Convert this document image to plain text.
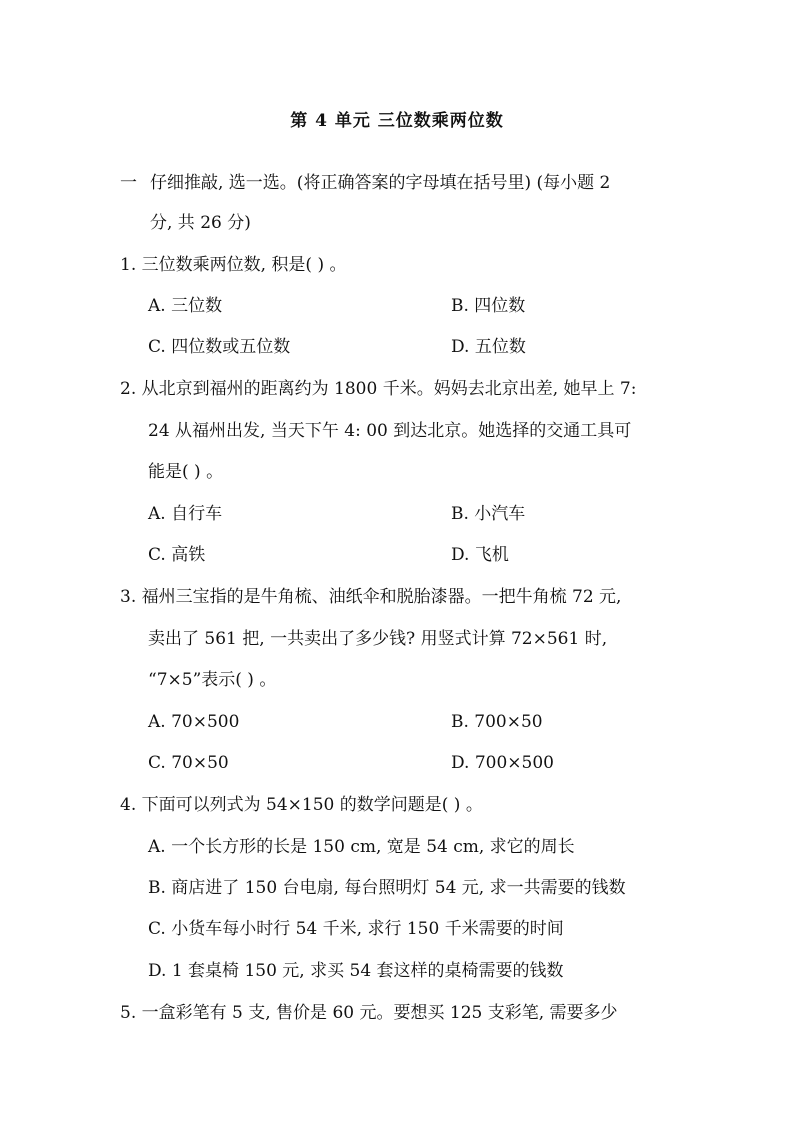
第 4 单元 三位数乘两位数
一 仔细推敲, 选一选。(将正确答案的字母填在括号里) (每小题 2
分, 共 26 分)
1. 三位数乘两位数, 积是( ) 。
A. 三位数	B. 四位数
C. 四位数或五位数	D. 五位数
2. 从北京到福州的距离约为 1800 千米。妈妈去北京出差, 她早上 7:
24 从福州出发, 当天下午 4: 00 到达北京。她选择的交通工具可
能是( ) 。
A. 自行车	B. 小汽车
C. 高铁	D. 飞机
3. 福州三宝指的是牛角梳、油纸伞和脱胎漆器。一把牛角梳 72 元,
卖出了 561 把, 一共卖出了多少钱? 用竖式计算 72×561 时,
“7×5”表示( ) 。
A. 70×500	B. 700×50
C. 70×50	D. 700×500
4. 下面可以列式为 54×150 的数学问题是( ) 。
A. 一个长方形的长是 150 cm, 宽是 54 cm, 求它的周长
B. 商店进了 150 台电扇, 每台照明灯 54 元, 求一共需要的钱数
C. 小货车每小时行 54 千米, 求行 150 千米需要的时间
D. 1 套桌椅 150 元, 求买 54 套这样的桌椅需要的钱数
5. 一盒彩笔有 5 支, 售价是 60 元。要想买 125 支彩笔, 需要多少
